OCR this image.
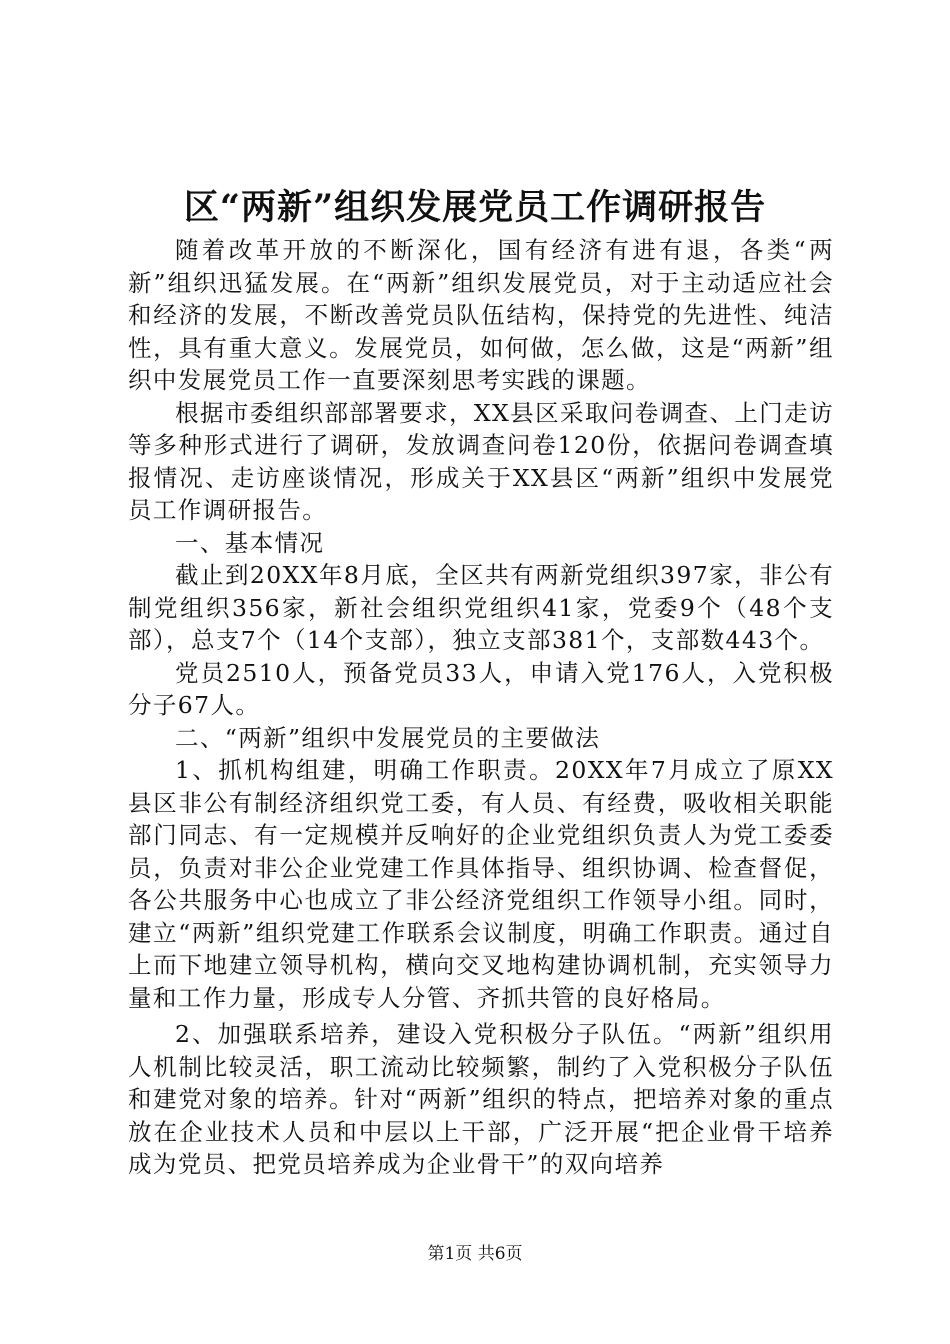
区“两新”组织发展党员工作调研报告

随着改革开放的不断深化，国有经济有进有退，各类“两新”组织迅猛发展。在“两新”组织发展党员，对于主动适应社会和经济的发展，不断改善党员队伍结构，保持党的先进性、纯洁性，具有重大意义。发展党员，如何做，怎么做，这是“两新”组织中发展党员工作一直要深刻思考实践的课题。

根据市委组织部部署要求，XX县区采取问卷调查、上门走访等多种形式进行了调研，发放调查问卷120份，依据问卷调查填报情况、走访座谈情况，形成关于XX县区“两新”组织中发展党员工作调研报告。

一、基本情况

截止到20XX年8月底，全区共有两新党组织397家，非公有制党组织356家，新社会组织党组织41家，党委9个（48个支部），总支7个（14个支部），独立支部381个，支部数443个。

党员2510人，预备党员33人，申请入党176人，入党积极分子67人。

二、“两新”组织中发展党员的主要做法

1、抓机构组建，明确工作职责。20XX年7月成立了原XX县区非公有制经济组织党工委，有人员、有经费，吸收相关职能部门同志、有一定规模并反响好的企业党组织负责人为党工委委员，负责对非公企业党建工作具体指导、组织协调、检查督促，各公共服务中心也成立了非公经济党组织工作领导小组。同时，建立“两新”组织党建工作联系会议制度，明确工作职责。通过自上而下地建立领导机构，横向交叉地构建协调机制，充实领导力量和工作力量，形成专人分管、齐抓共管的良好格局。

2、加强联系培养，建设入党积极分子队伍。“两新”组织用人机制比较灵活，职工流动比较频繁，制约了入党积极分子队伍和建党对象的培养。针对“两新”组织的特点，把培养对象的重点放在企业技术人员和中层以上干部，广泛开展“把企业骨干培养成为党员、把党员培养成为企业骨干”的双向培养

第1页 共6页
